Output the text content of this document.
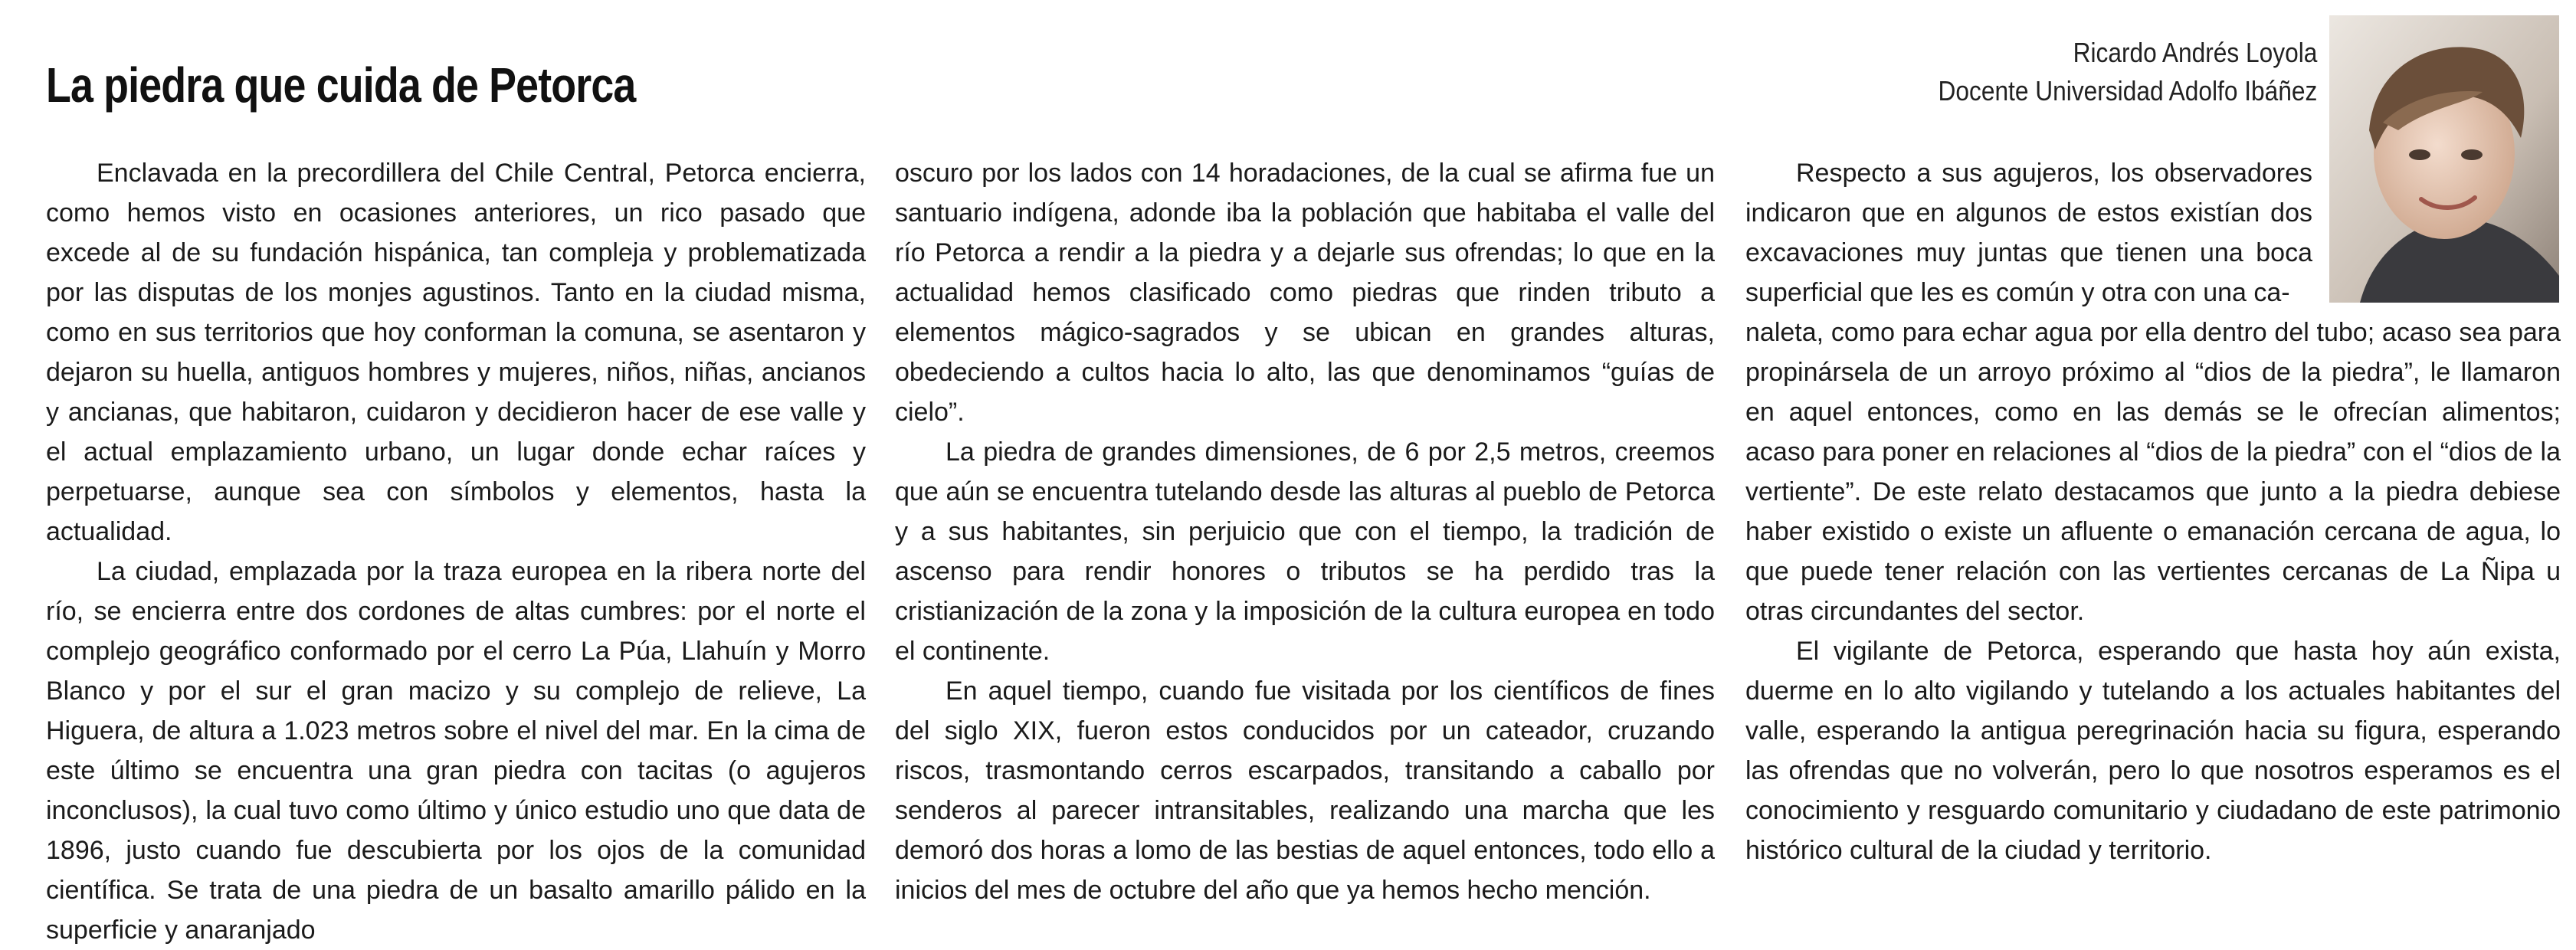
La piedra que cuida de Petorca
Ricardo Andrés Loyola
Docente Universidad Adolfo Ibáñez

Enclavada en la precordillera del Chile Central, Petorca encierra, como hemos visto en ocasiones anteriores, un rico pasado que excede al de su fundación hispánica, tan compleja y problematizada por las disputas de los monjes agustinos. Tanto en la ciudad misma, como en sus territorios que hoy conforman la comuna, se asentaron y dejaron su huella, antiguos hombres y mujeres, niños, niñas, ancianos y ancianas, que habitaron, cuidaron y decidieron hacer de ese valle y el actual emplazamiento urbano, un lugar donde echar raíces y perpetuarse, aunque sea con símbolos y elementos, hasta la actualidad.

La ciudad, emplazada por la traza europea en la ribera norte del río, se encierra entre dos cordones de altas cumbres: por el norte el complejo geográfico conformado por el cerro La Púa, Llahuín y Morro Blanco y por el sur el gran macizo y su complejo de relieve, La Higuera, de altura a 1.023 metros sobre el nivel del mar. En la cima de este último se encuentra una gran piedra con tacitas (o agujeros inconclusos), la cual tuvo como último y único estudio uno que data de 1896, justo cuando fue descubierta por los ojos de la comunidad científica. Se trata de una piedra de un basalto amarillo pálido en la superficie y anaranjado

oscuro por los lados con 14 horadaciones, de la cual se afirma fue un santuario indígena, adonde iba la población que habitaba el valle del río Petorca a rendir a la piedra y a dejarle sus ofrendas; lo que en la actualidad hemos clasificado como piedras que rinden tributo a elementos mágico-sagrados y se ubican en grandes alturas, obedeciendo a cultos hacia lo alto, las que denominamos “guías de cielo”.

La piedra de grandes dimensiones, de 6 por 2,5 metros, creemos que aún se encuentra tutelando desde las alturas al pueblo de Petorca y a sus habitantes, sin perjuicio que con el tiempo, la tradición de ascenso para rendir honores o tributos se ha perdido tras la cristianización de la zona y la imposición de la cultura europea en todo el continente.

En aquel tiempo, cuando fue visitada por los científicos de fines del siglo XIX, fueron estos conducidos por un cateador, cruzando riscos, trasmontando cerros escarpados, transitando a caballo por senderos al parecer intransitables, realizando una marcha que les demoró dos horas a lomo de las bestias de aquel entonces, todo ello a inicios del mes de octubre del año que ya hemos hecho mención.

Respecto a sus agujeros, los observadores indicaron que en algunos de estos existían dos excavaciones muy juntas que tienen una boca superficial que les es común y otra con una ca-

naleta, como para echar agua por ella dentro del tubo; acaso sea para propinársela de un arroyo próximo al “dios de la piedra”, le llamaron en aquel entonces, como en las demás se le ofrecían alimentos; acaso para poner en relaciones al “dios de la piedra” con el “dios de la vertiente”. De este relato destacamos que junto a la piedra debiese haber existido o existe un afluente o emanación cercana de agua, lo que puede tener relación con las vertientes cercanas de La Ñipa u otras circundantes del sector.

El vigilante de Petorca, esperando que hasta hoy aún exista, duerme en lo alto vigilando y tutelando a los actuales habitantes del valle, esperando la antigua peregrinación hacia su figura, esperando las ofrendas que no volverán, pero lo que nosotros esperamos es el conocimiento y resguardo comunitario y ciudadano de este patrimonio histórico cultural de la ciudad y territorio.
